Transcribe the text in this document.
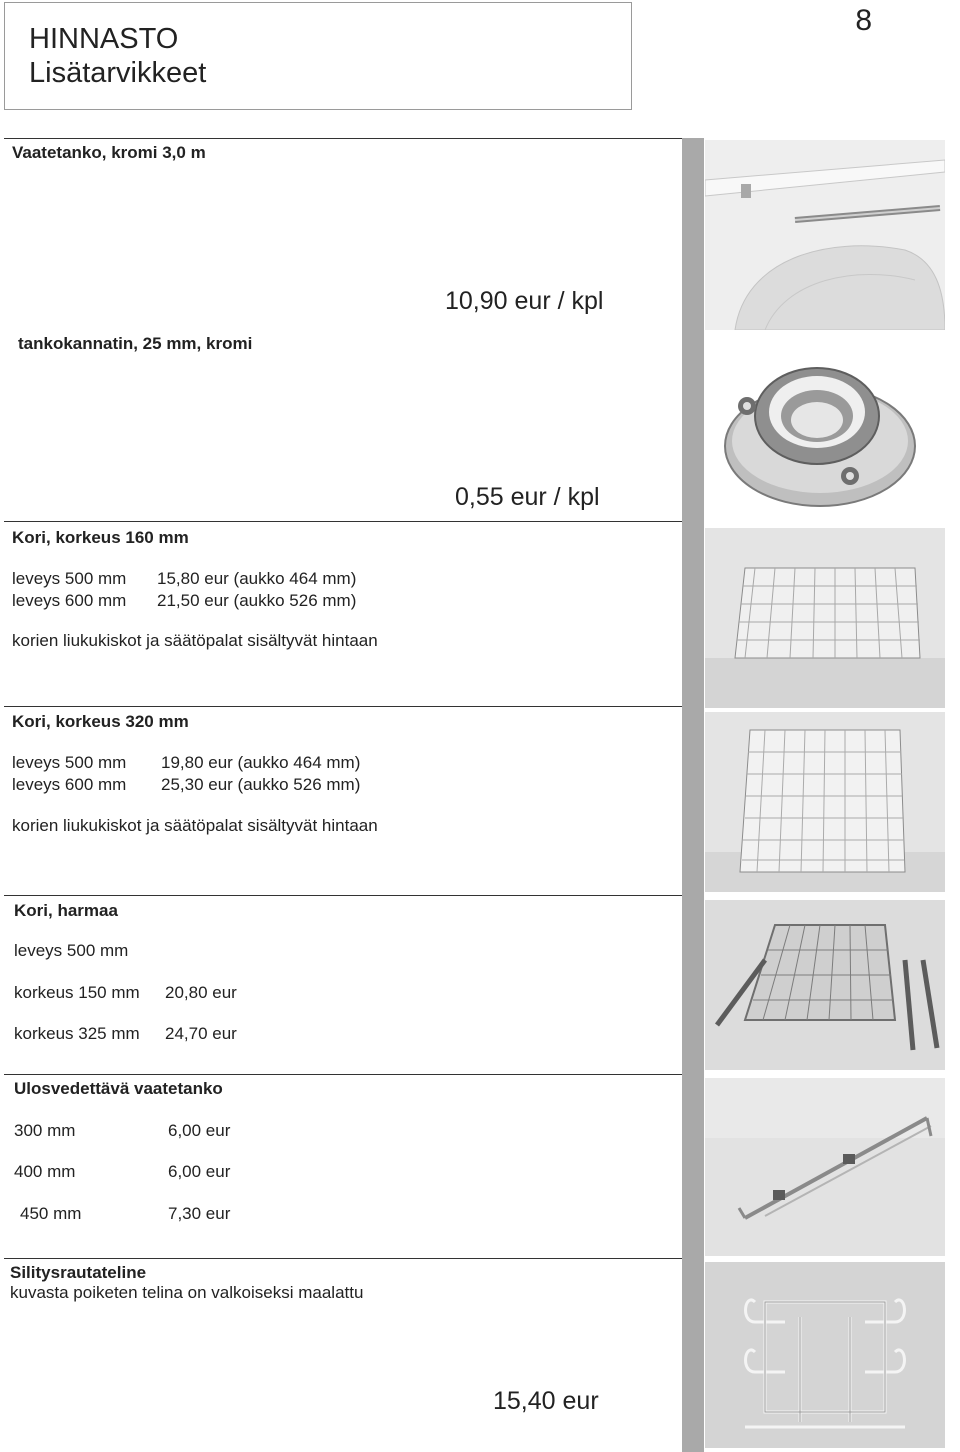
HINNASTO
Lisätarvikkeet
8
Vaatetanko, kromi 3,0 m
10,90 eur / kpl
tankokannatin, 25 mm, kromi
0,55 eur / kpl
Kori, korkeus 160 mm
leveys 500 mm 15,80 eur (aukko 464 mm)
leveys 600 mm 21,50 eur (aukko 526 mm)
korien liukukiskot ja säätöpalat sisältyvät hintaan
Kori, korkeus 320 mm
leveys 500 mm 19,80 eur (aukko 464 mm)
leveys 600 mm 25,30 eur (aukko 526 mm)
korien liukukiskot ja säätöpalat sisältyvät hintaan
Kori, harmaa
leveys 500 mm
korkeus 150 mm 20,80 eur
korkeus 325 mm 24,70 eur
Ulosvedettävä vaatetanko
300 mm	6,00 eur
400 mm	6,00 eur
450 mm	7,30 eur
Silitysrautateline
kuvasta poiketen telina on valkoiseksi maalattu
15,40 eur
